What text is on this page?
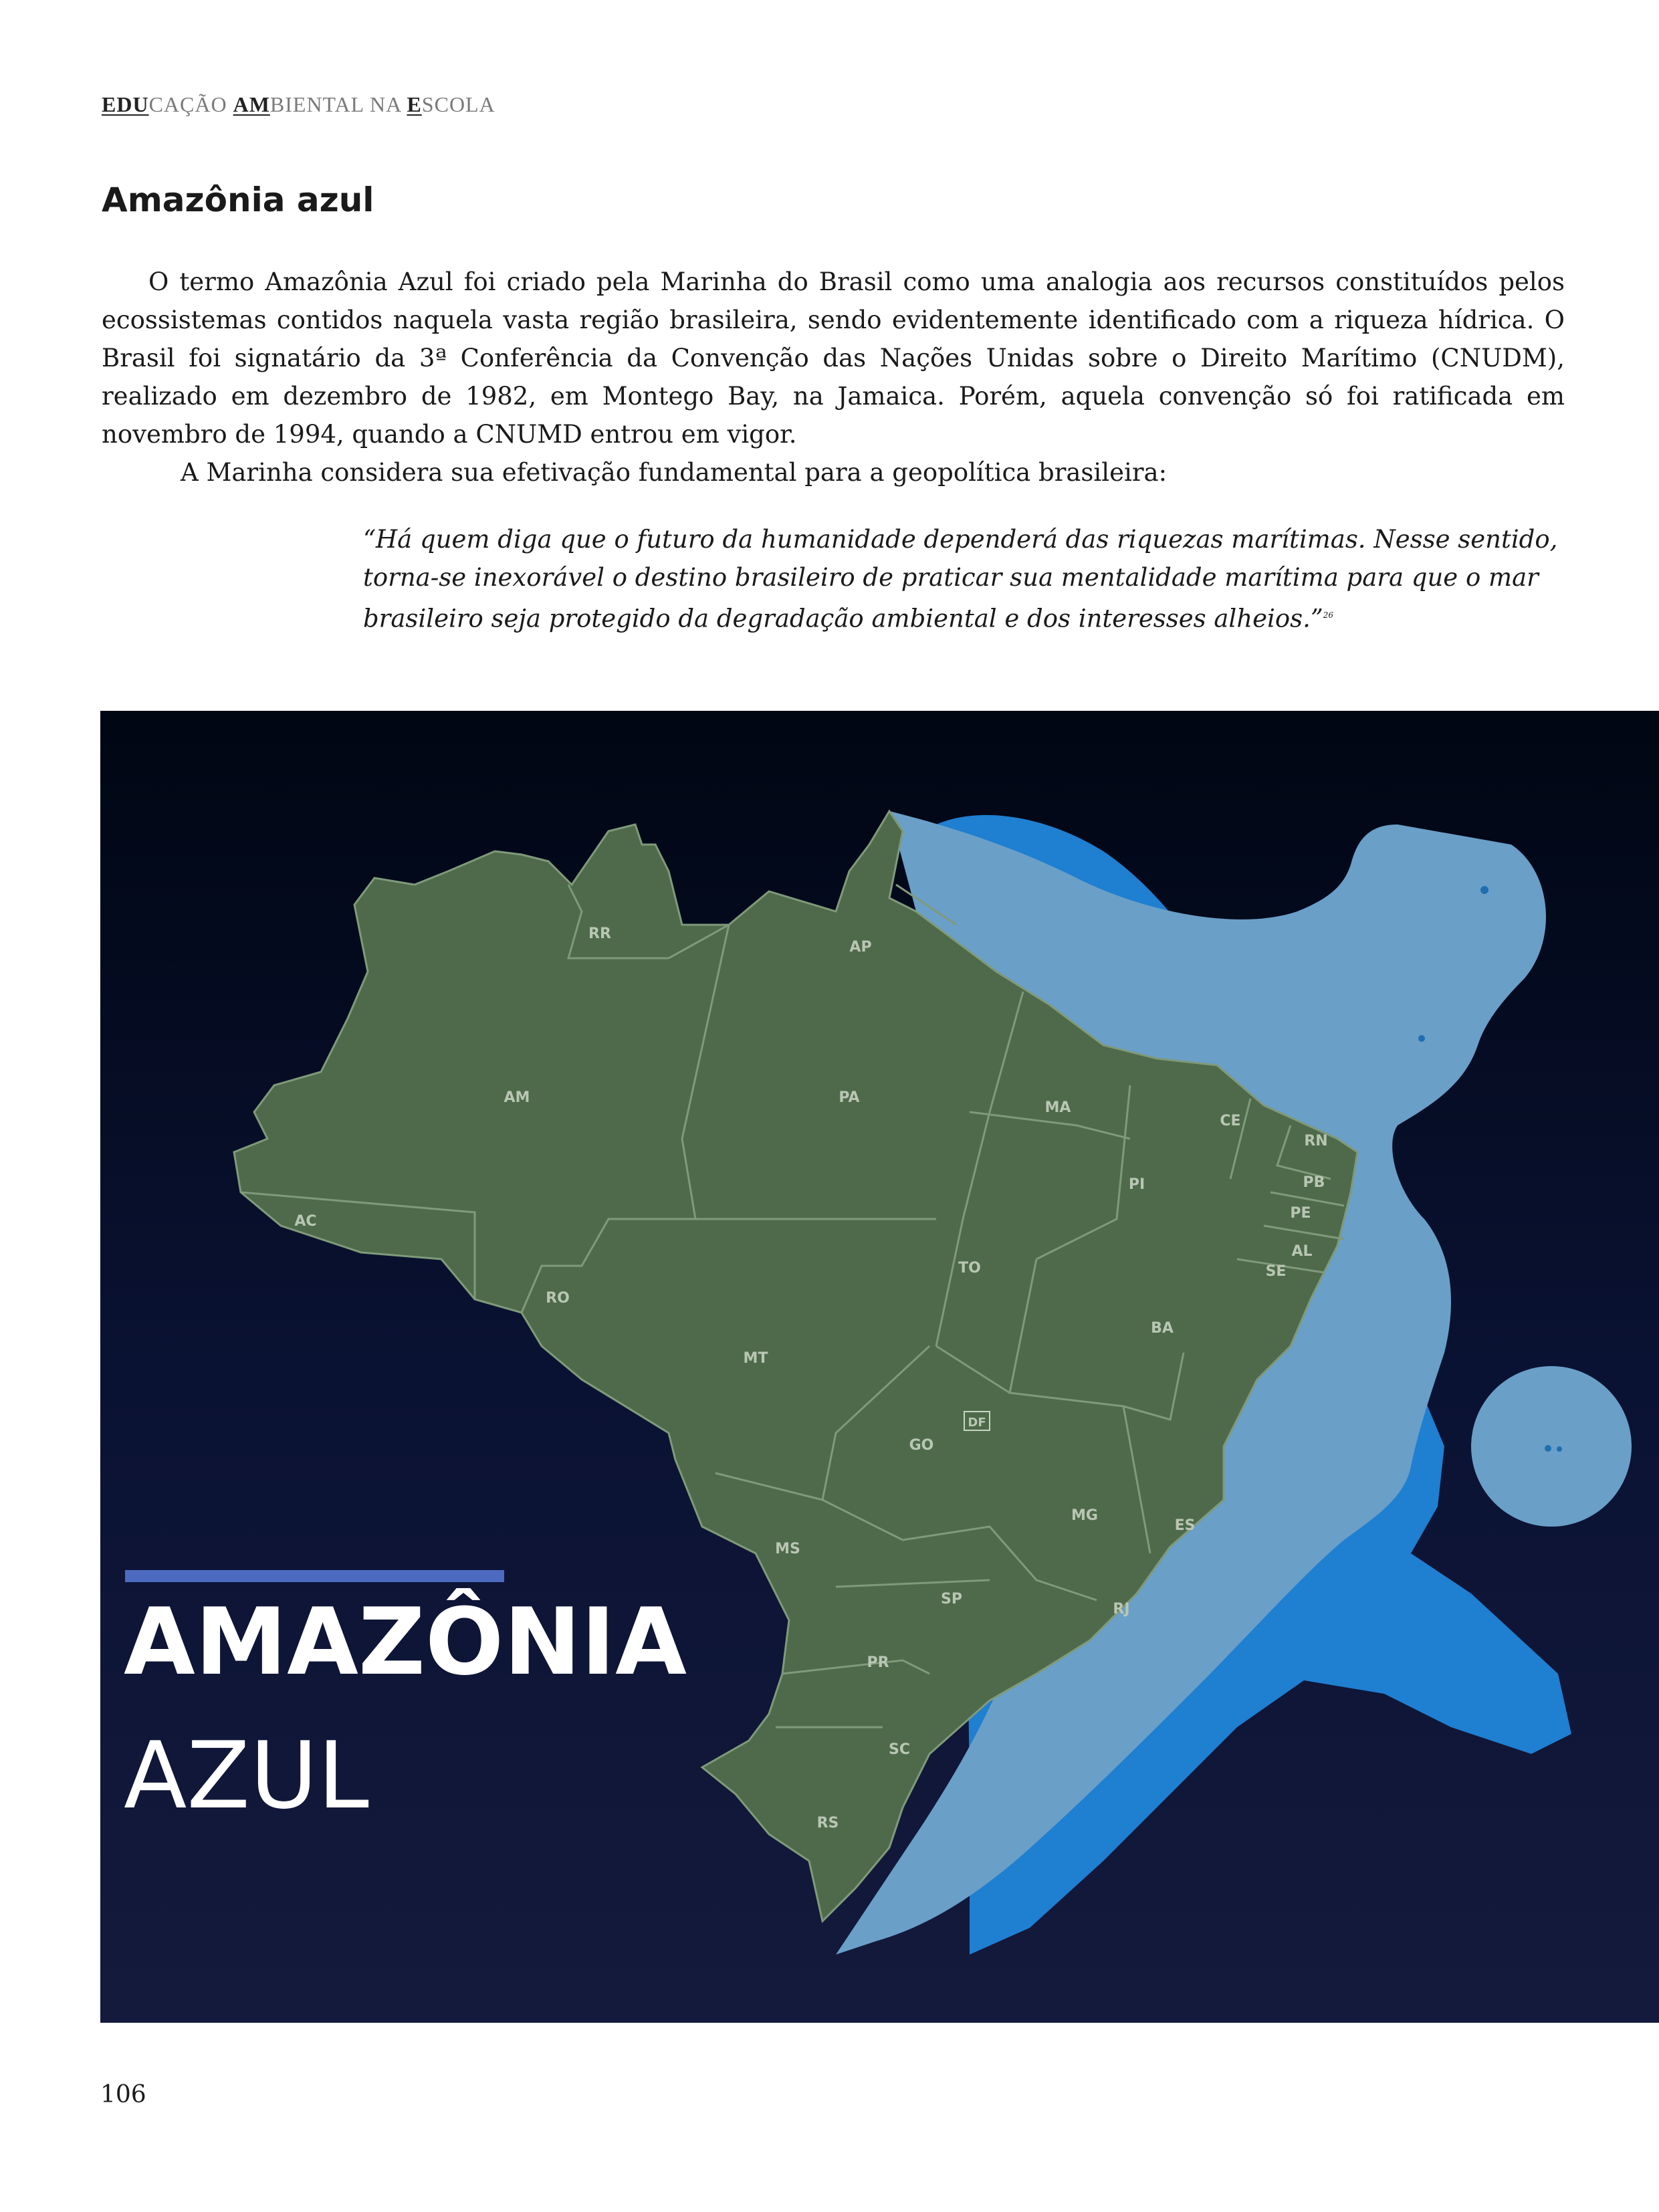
EDUCAÇÃO AMBIENTAL NA ESCOLA
Amazônia azul

O termo Amazônia Azul foi criado pela Marinha do Brasil como uma analogia aos recursos constituídos pelos ecossistemas contidos naquela vasta região brasileira, sendo evidentemente identificado com a riqueza hídrica. O Brasil foi signatário da 3ª Conferência da Convenção das Nações Unidas sobre o Direito Marítimo (CNUDM), realizado em dezembro de 1982, em Montego Bay, na Jamaica. Porém, aquela convenção só foi ratificada em novembro de 1994, quando a CNUMD entrou em vigor.

A Marinha considera sua efetivação fundamental para a geopolítica brasileira:

“Há quem diga que o futuro da humanidade dependerá das riquezas marítimas. Nesse sentido, torna-se inexorável o destino brasileiro de praticar sua mentalidade marítima para que o mar brasileiro seja protegido da degradação ambiental e dos interesses alheios.”$^{26}$
RR
AP
AM	PA
MA
CE
RN
PB
PE
AL
SE
PI
AC
TO
BA
RO
MT
DF
GO
MG
ES
MS
SP
RJ
PR
SC
RS
AMAZÔNIA
AZUL
106
